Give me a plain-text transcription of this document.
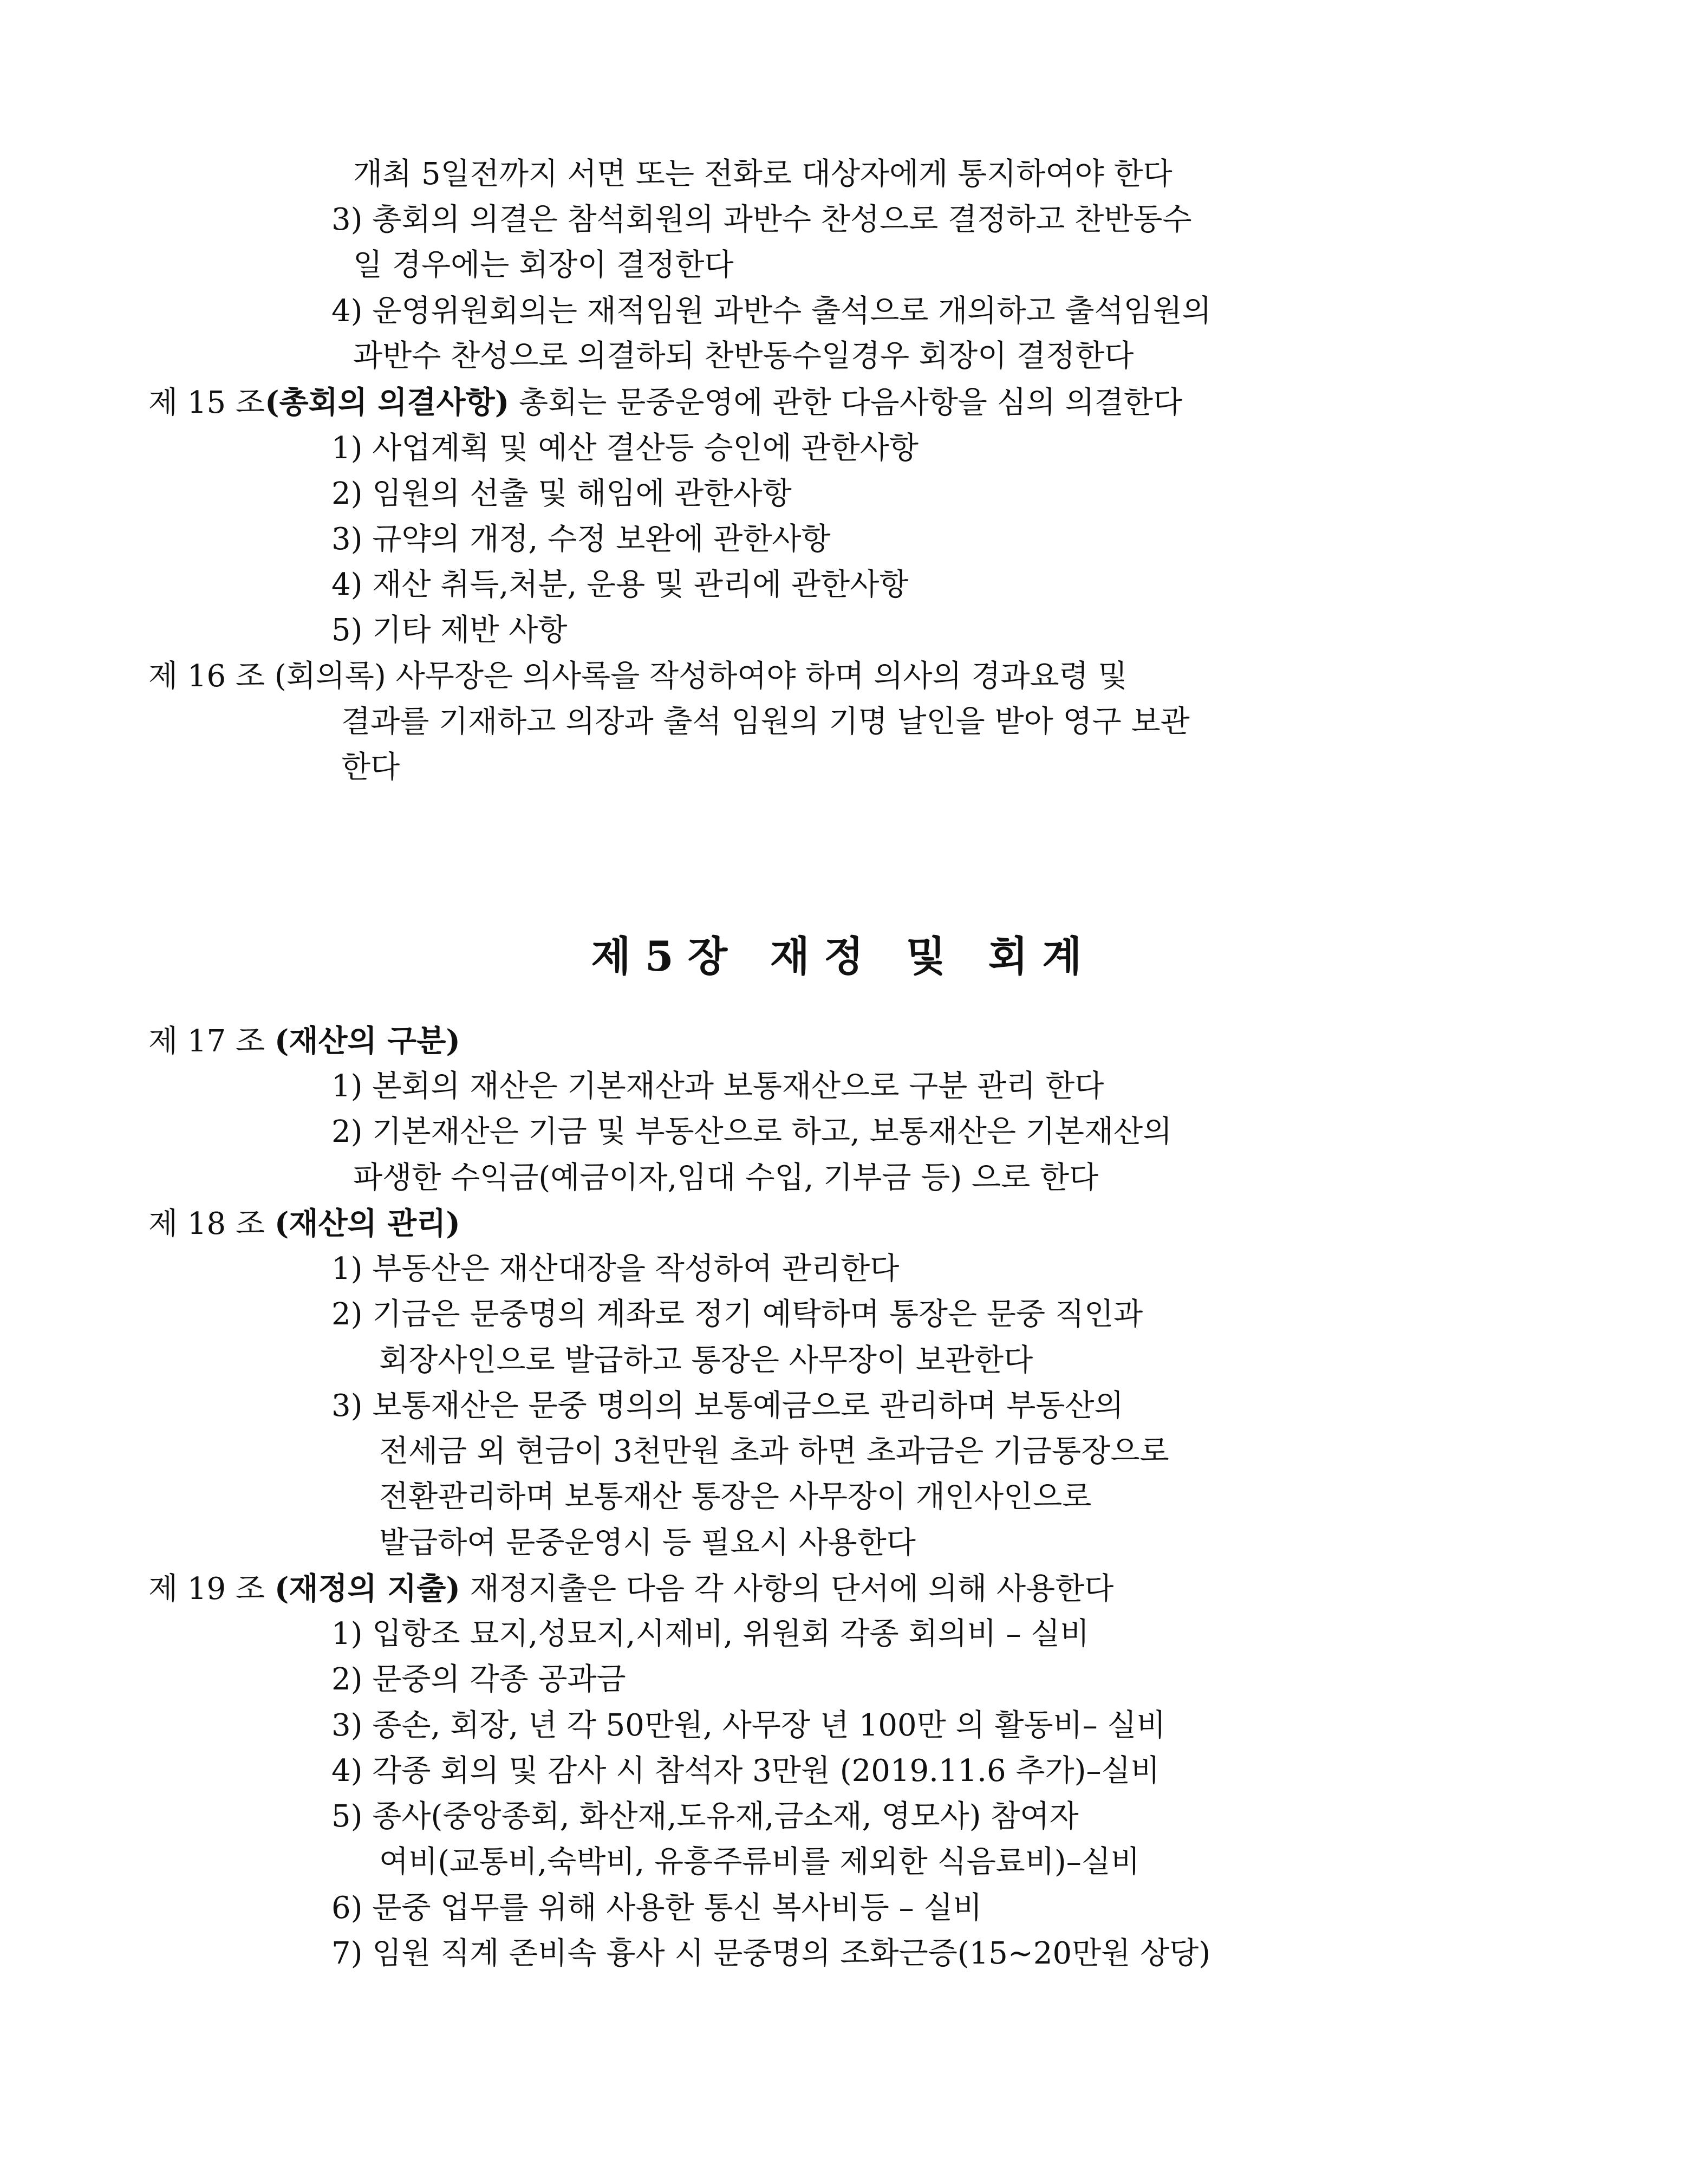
개최 5일전까지 서면 또는 전화로 대상자에게 통지하여야 한다
3) 총회의 의결은 참석회원의 과반수 찬성으로 결정하고 찬반동수
일 경우에는 회장이 결정한다
4) 운영위원회의는 재적임원 과반수 출석으로 개의하고 출석임원의
과반수 찬성으로 의결하되 찬반동수일경우 회장이 결정한다
제 15 조(총회의 의결사항) 총회는 문중운영에 관한 다음사항을 심의 의결한다
1) 사업계획 및 예산 결산등 승인에 관한사항
2) 임원의 선출 및 해임에 관한사항
3) 규약의 개정, 수정 보완에 관한사항
4) 재산 취득,처분, 운용 및 관리에 관한사항
5) 기타 제반 사항
제 16 조 (회의록) 사무장은 의사록을 작성하여야 하며 의사의 경과요령 및
결과를 기재하고 의장과 출석 임원의 기명 날인을 받아 영구 보관
한다
제5장 재정 및 회계
제 17 조 (재산의 구분)
1) 본회의 재산은 기본재산과 보통재산으로 구분 관리 한다
2) 기본재산은 기금 및 부동산으로 하고, 보통재산은 기본재산의
파생한 수익금(예금이자,임대 수입, 기부금 등) 으로 한다
제 18 조 (재산의 관리)
1) 부동산은 재산대장을 작성하여 관리한다
2) 기금은 문중명의 계좌로 정기 예탁하며 통장은 문중 직인과
회장사인으로 발급하고 통장은 사무장이 보관한다
3) 보통재산은 문중 명의의 보통예금으로 관리하며 부동산의
전세금 외 현금이 3천만원 초과 하면 초과금은 기금통장으로
전환관리하며 보통재산 통장은 사무장이 개인사인으로
발급하여 문중운영시 등 필요시 사용한다
제 19 조 (재정의 지출) 재정지출은 다음 각 사항의 단서에 의해 사용한다
1) 입항조 묘지,성묘지,시제비, 위원회 각종 회의비 – 실비
2) 문중의 각종 공과금
3) 종손, 회장, 년 각 50만원, 사무장 년 100만 의 활동비– 실비
4) 각종 회의 및 감사 시 참석자 3만원 (2019.11.6 추가)–실비
5) 종사(중앙종회, 화산재,도유재,금소재, 영모사) 참여자
여비(교통비,숙박비, 유흥주류비를 제외한 식음료비)–실비
6) 문중 업무를 위해 사용한 통신 복사비등 – 실비
7) 임원 직계 존비속 흉사 시 문중명의 조화근증(15~20만원 상당)
